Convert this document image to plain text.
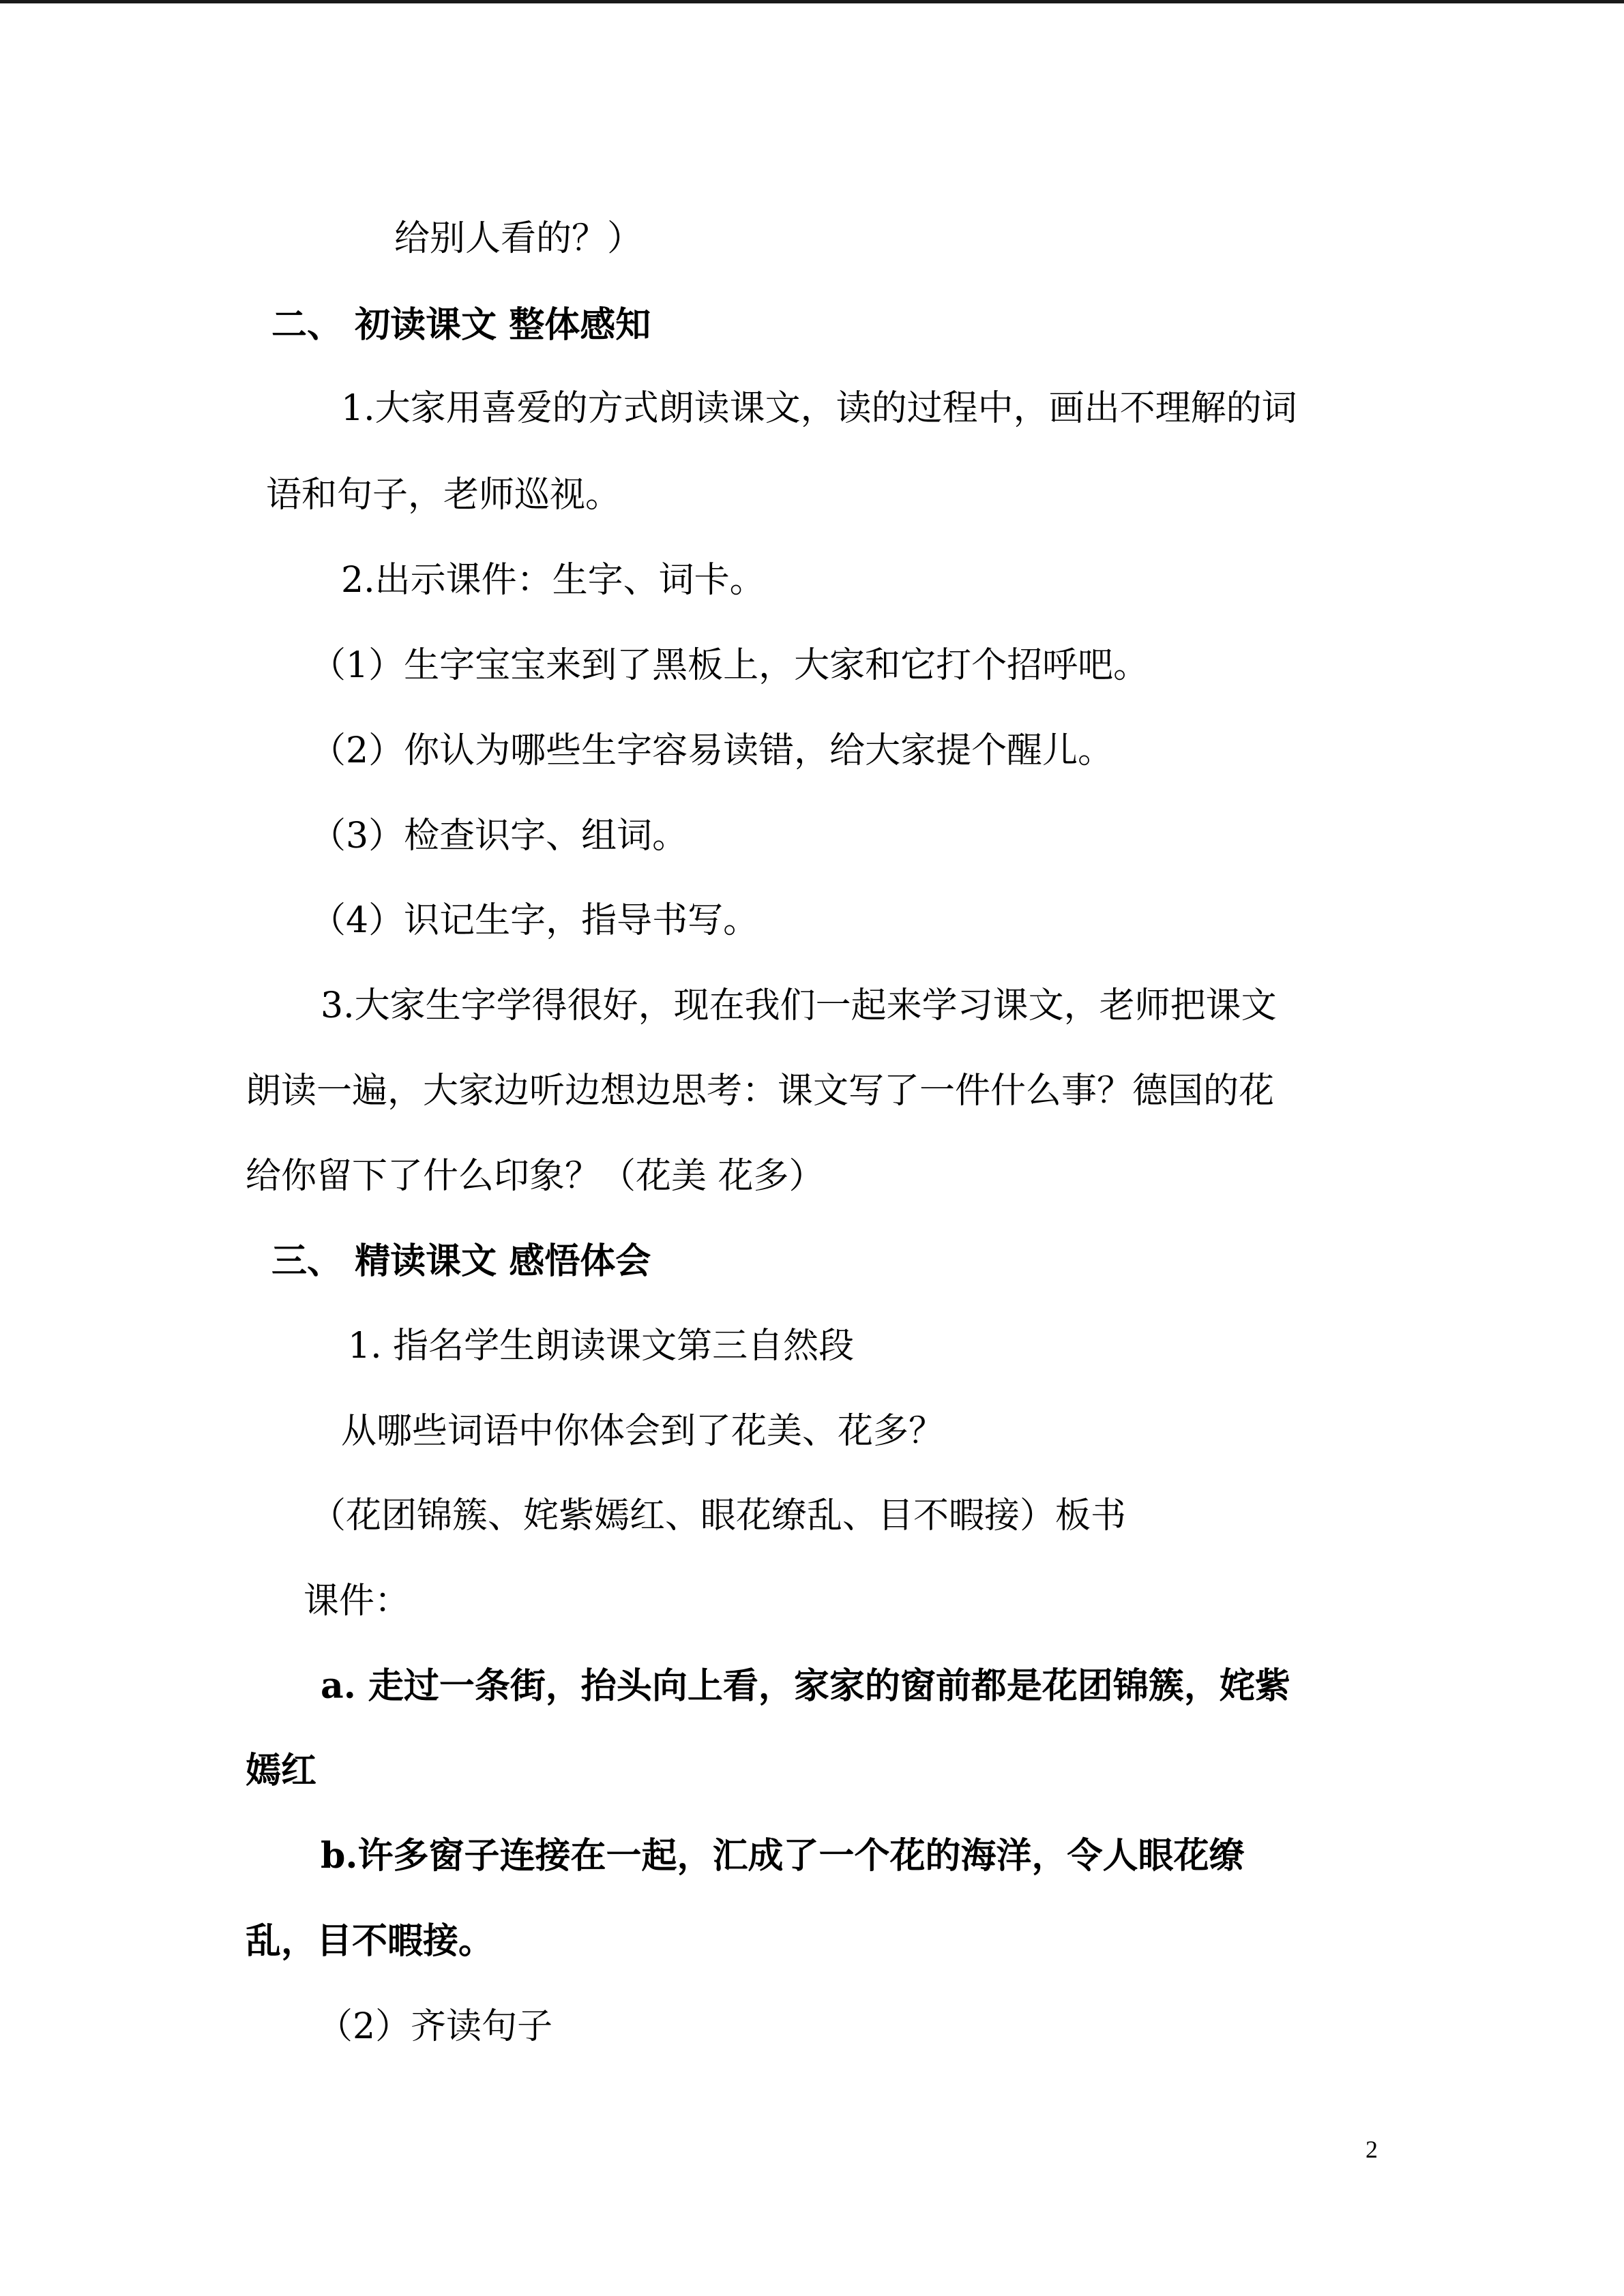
给别人看的？）
二、 初读课文 整体感知
1.大家用喜爱的方式朗读课文，读的过程中，画出不理解的词
语和句子，老师巡视。
2.出示课件：生字、词卡。
（1）生字宝宝来到了黑板上，大家和它打个招呼吧。
（2）你认为哪些生字容易读错，给大家提个醒儿。
（3）检查识字、组词。
（4）识记生字，指导书写。
3.大家生字学得很好，现在我们一起来学习课文，老师把课文
朗读一遍，大家边听边想边思考：课文写了一件什么事？德国的花
给你留下了什么印象？（花美 花多）
三、 精读课文 感悟体会
1. 指名学生朗读课文第三自然段
从哪些词语中你体会到了花美、花多？
（花团锦簇、姹紫嫣红、眼花缭乱、目不暇接）板书
课件：
a. 走过一条街，抬头向上看，家家的窗前都是花团锦簇，姹紫
嫣红
b.许多窗子连接在一起，汇成了一个花的海洋，令人眼花缭
乱，目不暇接。
（2）齐读句子
2
